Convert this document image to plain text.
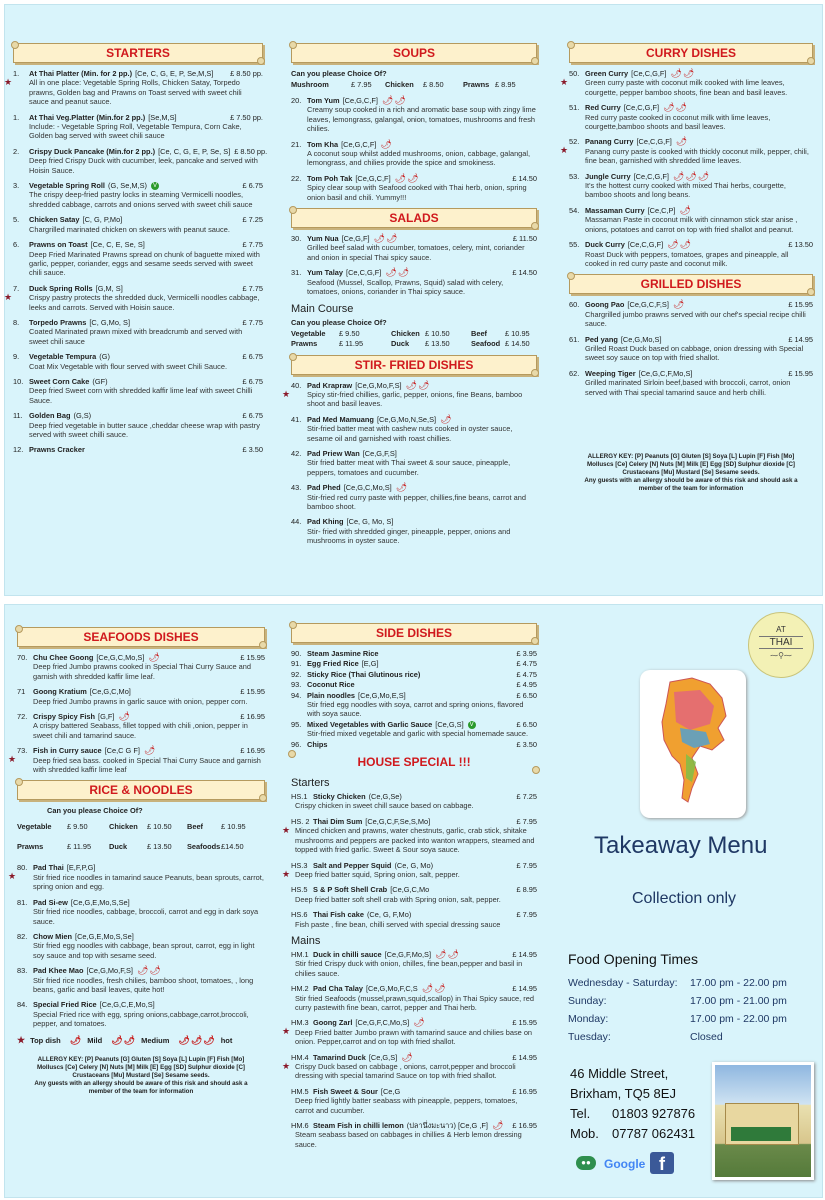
STARTERS
★
1.	At Thai Platter (Min. for 2 pp.) [Ce, C, G, E, P, Se,M,S]	£ 8.50 pp.
All in one place: Vegetable Spring Rolls, Chicken Satay, Torpedo prawns, Golden bag and Prawns on Toast served with sweet chili sauce and peanut sauce.
1.	At Thai Veg.Platter (Min.for 2 pp.) [Se,M,S]	£ 7.50 pp.
Include: - Vegetable Spring Roll, Vegetable Tempura, Corn Cake, Golden bag served with sweet chili sauce
2.	Crispy Duck Pancake (Min.for 2 pp.) [Ce, C, G, E, P, Se, S] £ 8.50 pp.
Deep fried Crispy Duck with cucumber, leek, pancake and served with Hoisin Sauce.
3.	Vegetable Spring Roll (G, Se,M,S) V	£ 6.75
The crispy deep-fried pastry locks in steaming Vermicelli noodles, shredded cabbage, carrots and onions served with sweet chili sauce
5.	Chicken Satay [C, G, P,Mo]	£ 7.25
Chargrilled marinated chicken on skewers with peanut sauce.
6.	Prawns on Toast [Ce, C, E, Se, S]	£ 7.75
Deep Fried Marinated Prawns spread on chunk of baguette mixed with garlic, pepper, coriander, eggs and sesame seeds served with sweet chili sauce.
★
7.	Duck Spring Rolls [G,M, S]	£ 7.75
Crispy pastry protects the shredded duck, Vermicelli noodles cabbage, leeks and carrots. Served with Hoisin sauce.
8.	Torpedo Prawns [C, G,Mo, S]	£ 7.75
Coated Marinated prawn mixed with breadcrumb and served with sweet chili sauce
9.	Vegetable Tempura (G)	£ 6.75
Coat Mix Vegetable with flour served with sweet Chili Sauce.
10. Sweet Corn Cake (GF)	£ 6.75
Deep fried Sweet corn with shredded kaffir lime leaf with sweet Chilli Sauce.
11. Golden Bag (G,S)	£ 6.75
Deep fried vegetable in butter sauce ,cheddar cheese wrap with pastry served with sweet chilli sauce.
12. Prawns Cracker	£ 3.50
SOUPS
Can you please Choice Of?
Mushroom	£ 7.95	Chicken	£ 8.50	Prawns £ 8.95
20. Tom Yum [Ce,G,C,F] 🌶🌶
Creamy soup cooked in a rich and aromatic base soup with zingy lime leaves, lemongrass, galangal, onion, tomatoes, mushrooms and fresh chilies.
21. Tom Kha [Ce,G,C,F] 🌶
A coconut soup whilst added mushrooms, onion, cabbage, galangal, lemongrass, and chilies provide the spice and smokiness.
22. Tom Poh Tak [Ce,G,C,F] 🌶🌶	£ 14.50
Spicy clear soup with Seafood cooked with Thai herb, onion, spring onion basil and chili. Yummy!!!
SALADS
30. Yum Nua [Ce,G,F] 🌶🌶	£ 11.50
Grilled beef salad with cucumber, tomatoes, celery, mint, coriander and onion in special Thai spicy sauce.
31. Yum Talay [Ce,C,G,F] 🌶🌶	£ 14.50
Seafood (Mussel, Scallop, Prawns, Squid) salad with celery, tomatoes, onions, coriander in Thai spicy sauce.
Main Course
Can you please Choice Of?
Vegetable	£ 9.50	Chicken £ 10.50	Beef	£ 10.95
Prawns	£ 11.95	Duck	£ 13.50	Seafood £ 14.50
STIR- FRIED DISHES
★
40. Pad Krapraw [Ce,G,Mo,F,S] 🌶🌶
Spicy stir-fried chillies, garlic, pepper, onions, fine Beans, bamboo shoot and basil leaves.
41. Pad Med Mamuang [Ce,G,Mo,N,Se,S] 🌶
Stir-fried batter meat with cashew nuts cooked in oyster sauce, sesame oil and garnished with roast chillies.
42. Pad Priew Wan [Ce,G,F,S]
Stir fried batter meat with Thai sweet & sour sauce, pineapple, peppers, tomatoes and cucumber.
43. Pad Phed [Ce,G,C,Mo,S] 🌶
Stir-fried red curry paste with pepper, chillies,fine beans, carrot and bamboo shoot.
44. Pad Khing [Ce, G, Mo, S]
Stir- fried with shredded ginger, pineapple, pepper, onions and mushrooms in oyster sauce.
CURRY DISHES
★
50. Green Curry [Ce,C,G,F] 🌶🌶
Green curry paste with coconut milk cooked with lime leaves, courgette, pepper bamboo shoots, fine bean and basil leaves.
51. Red Curry [Ce,C,G,F] 🌶🌶
Red curry paste cooked in coconut milk with lime leaves, courgette,bamboo shoots and basil leaves.
★
52. Panang Curry [Ce,C,G,F] 🌶
Panang curry paste is cooked with thickly coconut milk, pepper, chili, fine bean, garnished with shredded lime leaves.
53. Jungle Curry [Ce,C,G,F] 🌶🌶🌶
It's the hottest curry cooked with mixed Thai herbs, courgette, bamboo shoots and long beans.
54. Massaman Curry [Ce,C,P] 🌶
Massaman Paste in coconut milk with cinnamon stick star anise , onions, potatoes and carrot on top with fried shallot and peanut.
55. Duck Curry [Ce,C,G,F] 🌶🌶	£ 13.50
Roast Duck with peppers, tomatoes, grapes and pineapple, all cooked in red curry paste and coconut milk.
GRILLED DISHES
60. Goong Pao [Ce,G,C,F,S] 🌶	£ 15.95
Chargrilled jumbo prawns served with our chef's special recipe chilli sauce.
61. Ped yang [Ce,G,Mo,S]	£ 14.95
Grilled Roast Duck based on cabbage, onion dressing with Special sweet soy sauce on top with fried shallot.
62. Weeping Tiger [Ce,G,C,F,Mo,S]	£ 15.95
Grilled marinated Sirloin beef,based with broccoli, carrot, onion served with Thai special tamarind sauce and herb chilli.
ALLERGY KEY: [P] Peanuts [G] Gluten [S] Soya [L] Lupin [F] Fish [Mo]
Molluscs [Ce] Celery [N] Nuts [M] Milk [E] Egg [SD] Sulphur dioxide [C]
Crustaceans [Mu] Mustard [Se] Sesame seeds.
Any guests with an allergy should be aware of this risk and should ask a
member of the team for information
SEAFOODS DISHES
70. Chu Chee Goong [Ce,G,C,Mo,S] 🌶	£ 15.95
Deep fried Jumbo prawns cooked in Special Thai Curry Sauce and garnish with shredded kaffir lime leaf.
71	Goong Kratium [Ce,G,C,Mo]	£ 15.95
Deep fried Jumbo prawns in garlic sauce with onion, pepper corn.
72. Crispy Spicy Fish [G,F] 🌶	£ 16.95
A crispy battered Seabass, fillet topped with chili ,onion, pepper in sweet chili and tamarind sauce.
★
73. Fish in Curry sauce [Ce,C G F] 🌶	£ 16.95
Deep fried sea bass. cooked in Special Thai Curry Sauce and garnish with shredded kaffir lime leaf
RICE & NOODLES
Can you please Choice Of?
Vegetable	£ 9.50	Chicken	£ 10.50	Beef	£ 10.95
Prawns	£ 11.95	Duck	£ 13.50	Seafoods £14.50
★
80. Pad Thai [E,F,P,G]
Stir fried rice noodles in tamarind sauce Peanuts, bean sprouts, carrot, spring onion and egg.
81. Pad Si-ew [Ce,G,E,Mo,S,Se]
Stir fried rice noodles, cabbage, broccoli, carrot and egg in dark soya sauce.
82. Chow Mien [Ce,G,E,Mo,S,Se]
Stir fried egg noodles with cabbage, bean sprout, carrot, egg in light soy sauce and top with sesame seed.
83. Pad Khee Mao [Ce,G,Mo,F,S] 🌶🌶
Stir fried rice noodles, fresh chilies, bamboo shoot, tomatoes, , long beans, garlic and basil leaves, quite hot!
84. Special Fried Rice [Ce,G,C,E,Mo,S]
Special Fried rice with egg, spring onions,cabbage,carrot,broccoli, pepper, and tomatoes.
★ Top dish 🌶 Mild 🌶🌶 Medium 🌶🌶🌶 hot
ALLERGY KEY: [P] Peanuts [G] Gluten [S] Soya [L] Lupin [F] Fish [Mo]
Molluscs [Ce] Celery [N] Nuts [M] Milk [E] Egg [SD] Sulphur dioxide [C]
Crustaceans [Mu] Mustard [Se] Sesame seeds.
Any guests with an allergy should be aware of this risk and should ask a
member of the team for information
SIDE DISHES
90. Steam Jasmine Rice	£ 3.95
91. Egg Fried Rice [E,G]	£ 4.75
92. Sticky Rice (Thai Glutinous rice)	£ 4.75
93. Coconut Rice	£ 4.95
94. Plain noodles [Ce,G,Mo,E,S]	£ 6.50
Stir fried egg noodles with soya, carrot and spring onions, flavored with soya sauce.
95. Mixed Vegetables with Garlic Sauce [Ce,G,S] V	£ 6.50
Stir-fried mixed vegetable and garlic with special homemade sauce.
96. Chips	£ 3.50
HOUSE SPECIAL !!!
Starters
HS.1 Sticky Chicken (Ce,G,Se)	£ 7.25
Crispy chicken in sweet chill sauce based on cabbage.
★
HS. 2 Thai Dim Sum [Ce,G,C,F,Se,S,Mo]	£ 7.95
Minced chicken and prawns, water chestnuts, garlic, crab stick, shitake mushrooms and peppers are packed into wanton wrappers, steamed and topped with fried garlic. Sweet & Sour soya sauce.
★
HS.3 Salt and Pepper Squid (Ce, G, Mo)	£ 7.95
Deep fried batter squid, Spring onion, salt, pepper.
HS.5 S & P Soft Shell Crab [Ce,G,C,Mo	£ 8.95
Deep fried batter soft shell crab with Spring onion, salt, pepper.
HS.6 Thai Fish cake (Ce, G, F,Mo)	£ 7.95
Fish paste , fine bean, chilli served with special dressing sauce
Mains
HM.1 Duck in chilli sauce [Ce,G,F,Mo,S] 🌶🌶	£ 14.95
Stir fried Crispy duck with onion, chilles, fine bean,pepper and basil in chilies sauce.
HM.2 Pad Cha Talay [Ce,G,Mo,F,C,S 🌶🌶	£ 14.95
Stir fried Seafoods (mussel,prawn,squid,scallop) in Thai Spicy sauce, red curry pastewith fine bean, carrot, pepper and Thai herb.
★
HM.3 Goong Zarl [Ce,G,F,C,Mo,S] 🌶	£ 15.95
Deep Fried batter Jumbo prawn with tamarind sauce and chilies base on onion. Pepper,carrot and on top with fried shallot.
★
HM.4 Tamarind Duck [Ce,G,S] 🌶	£ 14.95
Crispy Duck based on cabbage , onions, carrot,pepper and broccoli dressing with special tamarind Sauce on top with fried shallot.
HM.5 Fish Sweet & Sour [Ce,G	£ 16.95
Deep fried lightly batter seabass with pineapple, peppers, tomatoes, carrot and cucumber.
HM.6 Steam Fish in chilli lemon (ปลานึ่งมะนาว) [Ce,G ,F] 🌶	£ 16.95
Steam seabass based on cabbages in chillies & Herb lemon dressing sauce.
AT
THAI
⁓⚲⁓
Takeaway Menu
Collection only
Food Opening Times
Wednesday - Saturday:	17.00 pm - 22.00 pm
Sunday:	17.00 pm - 21.00 pm
Monday:	17.00 pm - 22.00 pm
Tuesday:	Closed
46 Middle Street,
Brixham, TQ5 8EJ
Tel. 01803 927876
Mob. 07787 062431
●●	Google f
